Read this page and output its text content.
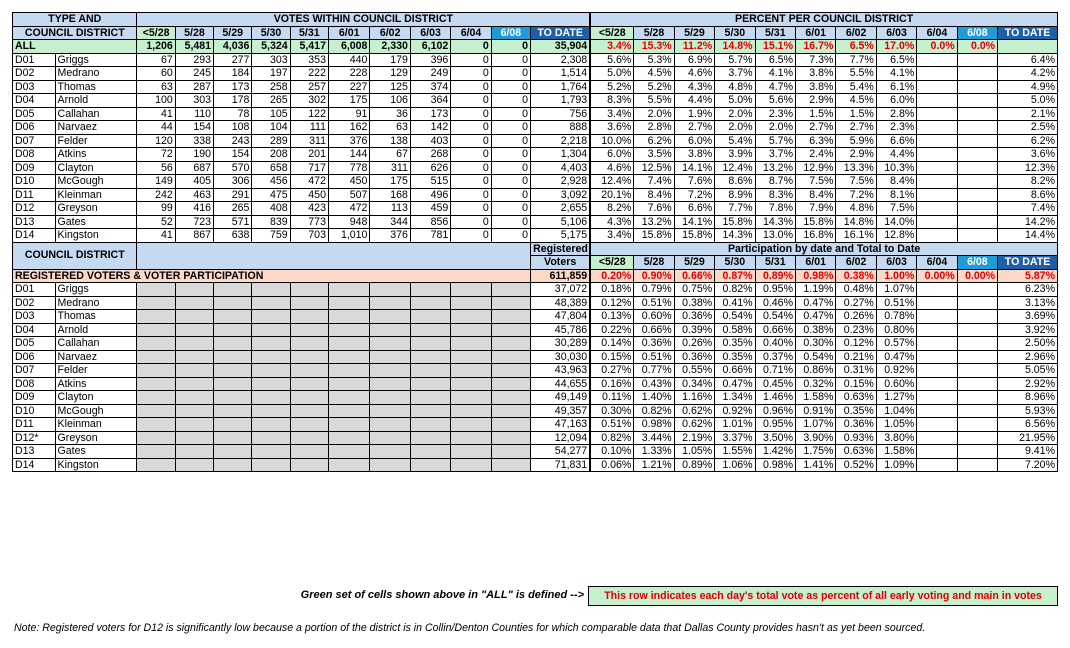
TYPE AND		VOTES WITHIN COUNCIL DISTRICT											PERCENT PER COUNCIL DISTRICT										
COUNCIL DISTRICT		<5/28	5/28	5/29	5/30	5/31	6/01	6/02	6/03	6/04	6/08	TO DATE	<5/28	5/28	5/29	5/30	5/31	6/01	6/02	6/03	6/04	6/08	TO DATE
ALL		1,206	5,481	4,036	5,324	5,417	6,008	2,330	6,102	0	0	35,904	3.4%	15.3%	11.2%	14.8%	15.1%	16.7%	6.5%	17.0%	0.0%	0.0%	
D01	Griggs	67	293	277	303	353	440	179	396	0	0	2,308	5.6%	5.3%	6.9%	5.7%	6.5%	7.3%	7.7%	6.5%			6.4%
D02	Medrano	60	245	184	197	222	228	129	249	0	0	1,514	5.0%	4.5%	4.6%	3.7%	4.1%	3.8%	5.5%	4.1%			4.2%
D03	Thomas	63	287	173	258	257	227	125	374	0	0	1,764	5.2%	5.2%	4.3%	4.8%	4.7%	3.8%	5.4%	6.1%			4.9%
D04	Arnold	100	303	178	265	302	175	106	364	0	0	1,793	8.3%	5.5%	4.4%	5.0%	5.6%	2.9%	4.5%	6.0%			5.0%
D05	Callahan	41	110	78	105	122	91	36	173	0	0	756	3.4%	2.0%	1.9%	2.0%	2.3%	1.5%	1.5%	2.8%			2.1%
D06	Narvaez	44	154	108	104	111	162	63	142	0	0	888	3.6%	2.8%	2.7%	2.0%	2.0%	2.7%	2.7%	2.3%			2.5%
D07	Felder	120	338	243	289	311	376	138	403	0	0	2,218	10.0%	6.2%	6.0%	5.4%	5.7%	6.3%	5.9%	6.6%			6.2%
D08	Atkins	72	190	154	208	201	144	67	268	0	0	1,304	6.0%	3.5%	3.8%	3.9%	3.7%	2.4%	2.9%	4.4%			3.6%
D09	Clayton	56	687	570	658	717	778	311	626	0	0	4,403	4.6%	12.5%	14.1%	12.4%	13.2%	12.9%	13.3%	10.3%			12.3%
D10	McGough	149	405	306	456	472	450	175	515	0	0	2,928	12.4%	7.4%	7.6%	8.6%	8.7%	7.5%	7.5%	8.4%			8.2%
D11	Kleinman	242	463	291	475	450	507	168	496	0	0	3,092	20.1%	8.4%	7.2%	8.9%	8.3%	8.4%	7.2%	8.1%			8.6%
D12	Greyson	99	416	265	408	423	472	113	459	0	0	2,655	8.2%	7.6%	6.6%	7.7%	7.8%	7.9%	4.8%	7.5%			7.4%
D13	Gates	52	723	571	839	773	948	344	856	0	0	5,106	4.3%	13.2%	14.1%	15.8%	14.3%	15.8%	14.8%	14.0%			14.2%
D14	Kingston	41	867	638	759	703	1,010	376	781	0	0	5,175	3.4%	15.8%	15.8%	14.3%	13.0%	16.8%	16.1%	12.8%			14.4%
COUNCIL DISTRICT												Registered	Participation by date and Total to Date										
												Voters	<5/28	5/28	5/29	5/30	5/31	6/01	6/02	6/03	6/04	6/08	TO DATE
REGISTERED VOTERS & VOTER PARTICIPATION												611,859	0.20%	0.90%	0.66%	0.87%	0.89%	0.98%	0.38%	1.00%	0.00%	0.00%	5.87%
D01	Griggs											37,072	0.18%	0.79%	0.75%	0.82%	0.95%	1.19%	0.48%	1.07%			6.23%
D02	Medrano											48,389	0.12%	0.51%	0.38%	0.41%	0.46%	0.47%	0.27%	0.51%			3.13%
D03	Thomas											47,804	0.13%	0.60%	0.36%	0.54%	0.54%	0.47%	0.26%	0.78%			3.69%
D04	Arnold											45,786	0.22%	0.66%	0.39%	0.58%	0.66%	0.38%	0.23%	0.80%			3.92%
D05	Callahan											30,289	0.14%	0.36%	0.26%	0.35%	0.40%	0.30%	0.12%	0.57%			2.50%
D06	Narvaez											30,030	0.15%	0.51%	0.36%	0.35%	0.37%	0.54%	0.21%	0.47%			2.96%
D07	Felder											43,963	0.27%	0.77%	0.55%	0.66%	0.71%	0.86%	0.31%	0.92%			5.05%
D08	Atkins											44,655	0.16%	0.43%	0.34%	0.47%	0.45%	0.32%	0.15%	0.60%			2.92%
D09	Clayton											49,149	0.11%	1.40%	1.16%	1.34%	1.46%	1.58%	0.63%	1.27%			8.96%
D10	McGough											49,357	0.30%	0.82%	0.62%	0.92%	0.96%	0.91%	0.35%	1.04%			5.93%
D11	Kleinman											47,163	0.51%	0.98%	0.62%	1.01%	0.95%	1.07%	0.36%	1.05%			6.56%
D12*	Greyson											12,094	0.82%	3.44%	2.19%	3.37%	3.50%	3.90%	0.93%	3.80%			21.95%
D13	Gates											54,277	0.10%	1.33%	1.05%	1.55%	1.42%	1.75%	0.63%	1.58%			9.41%
D14	Kingston											71,831	0.06%	1.21%	0.89%	1.06%	0.98%	1.41%	0.52%	1.09%			7.20%
Green set of cells shown above in "ALL" is defined -->	This row indicates each day's total vote as percent of all early voting and main in votes
Note: Registered voters for D12 is significantly low because a portion of the district is in Collin/Denton Counties for which comparable data that Dallas County provides hasn't as yet been sourced.
